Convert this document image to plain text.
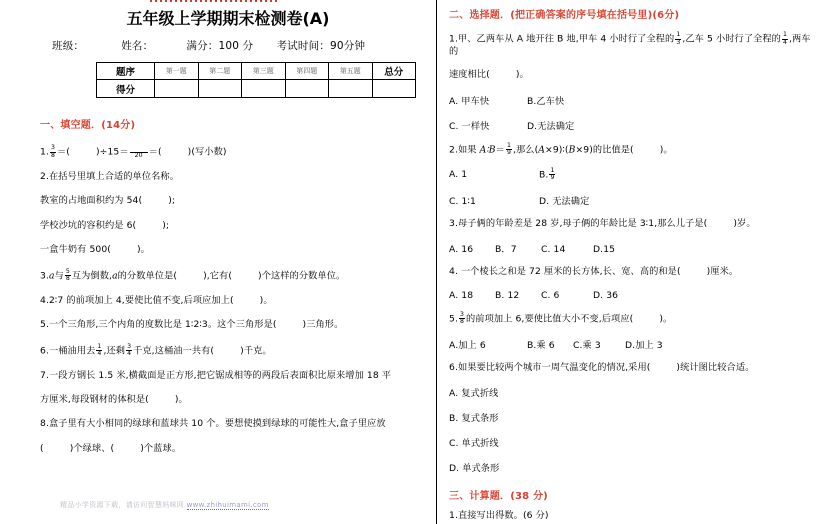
五年级上学期期末检测卷(A)
班级：	姓名：	满分：100 分 考试时间：90分钟
题序	第一题	第二题	第三题	第四题	第五题	总分
得分						
一、填空题．(14分)
1. $\frac{3}{8}$ ＝(	)÷15＝ 20 ＝(	)(写小数)
2.在括号里填上合适的单位名称。
教室的占地面积约为 54(	);
学校沙坑的容积约是 6(	);
一盒牛奶有 500(	)。
3.a与 $\frac{5}{8}$ 互为倒数,a的分数单位是(	),它有(	)个这样的分数单位。
4.2∶7 的前项加上 4,要使比值不变,后项应加上(	)。
5.一个三角形,三个内角的度数比是 1∶2∶3。这个三角形是(	)三角形。
6.一桶油用去 $\frac{1}{4}$ ,还剩 $\frac{3}{4}$ 千克,这桶油一共有(	)千克。
7.一段方钢长 1.5 米,横截面是正方形,把它锯成相等的两段后表面积比原来增加 18 平
方厘米,每段钢材的体积是(	)。
8.盒子里有大小相同的绿球和蓝球共 10 个。要想使摸到绿球的可能性大,盒子里应放
(	)个绿球、(	)个蓝球。
精品小学资源下载，请访问智慧妈咪网 www.zhihuimami.com
二、选择题．(把正确答案的序号填在括号里)(6分)
1.甲、乙两车从 A 地开往 B 地,甲车 4 小时行了全程的 $\frac{1}{3}$ ,乙车 5 小时行了全程的 $\frac{1}{4}$ ,两车的
速度相比(	)。
A. 甲车快	B.乙车快
C. 一样快	D.无法确定
2.如果 A∶B＝ $\frac{1}{9}$ ,那么(A×9)∶(B×9)的比值是(	)。
A. 1	B. $\frac{1}{9}$
C. 1∶1	D. 无法确定
3.母子俩的年龄差是 28 岁,母子俩的年龄比是 3∶1,那么儿子是(	)岁。
A. 16 B．7	C. 14	D.15
4. 一个棱长之和是 72 厘米的长方体,长、宽、高的和是(	)厘米。
A. 18 B. 12 C. 6	D. 36
5. $\frac{3}{8}$ 的前项加上 6,要使比值大小不变,后项应(	)。
A.加上 6	B.乘 6 C.乘 3	D.加上 3
6.如果要比较两个城市一周气温变化的情况,采用(	)统计图比较合适。
A. 复式折线
B. 复式条形
C. 单式折线
D. 单式条形
三、计算题．(38 分)
1.直接写出得数。(6 分)
